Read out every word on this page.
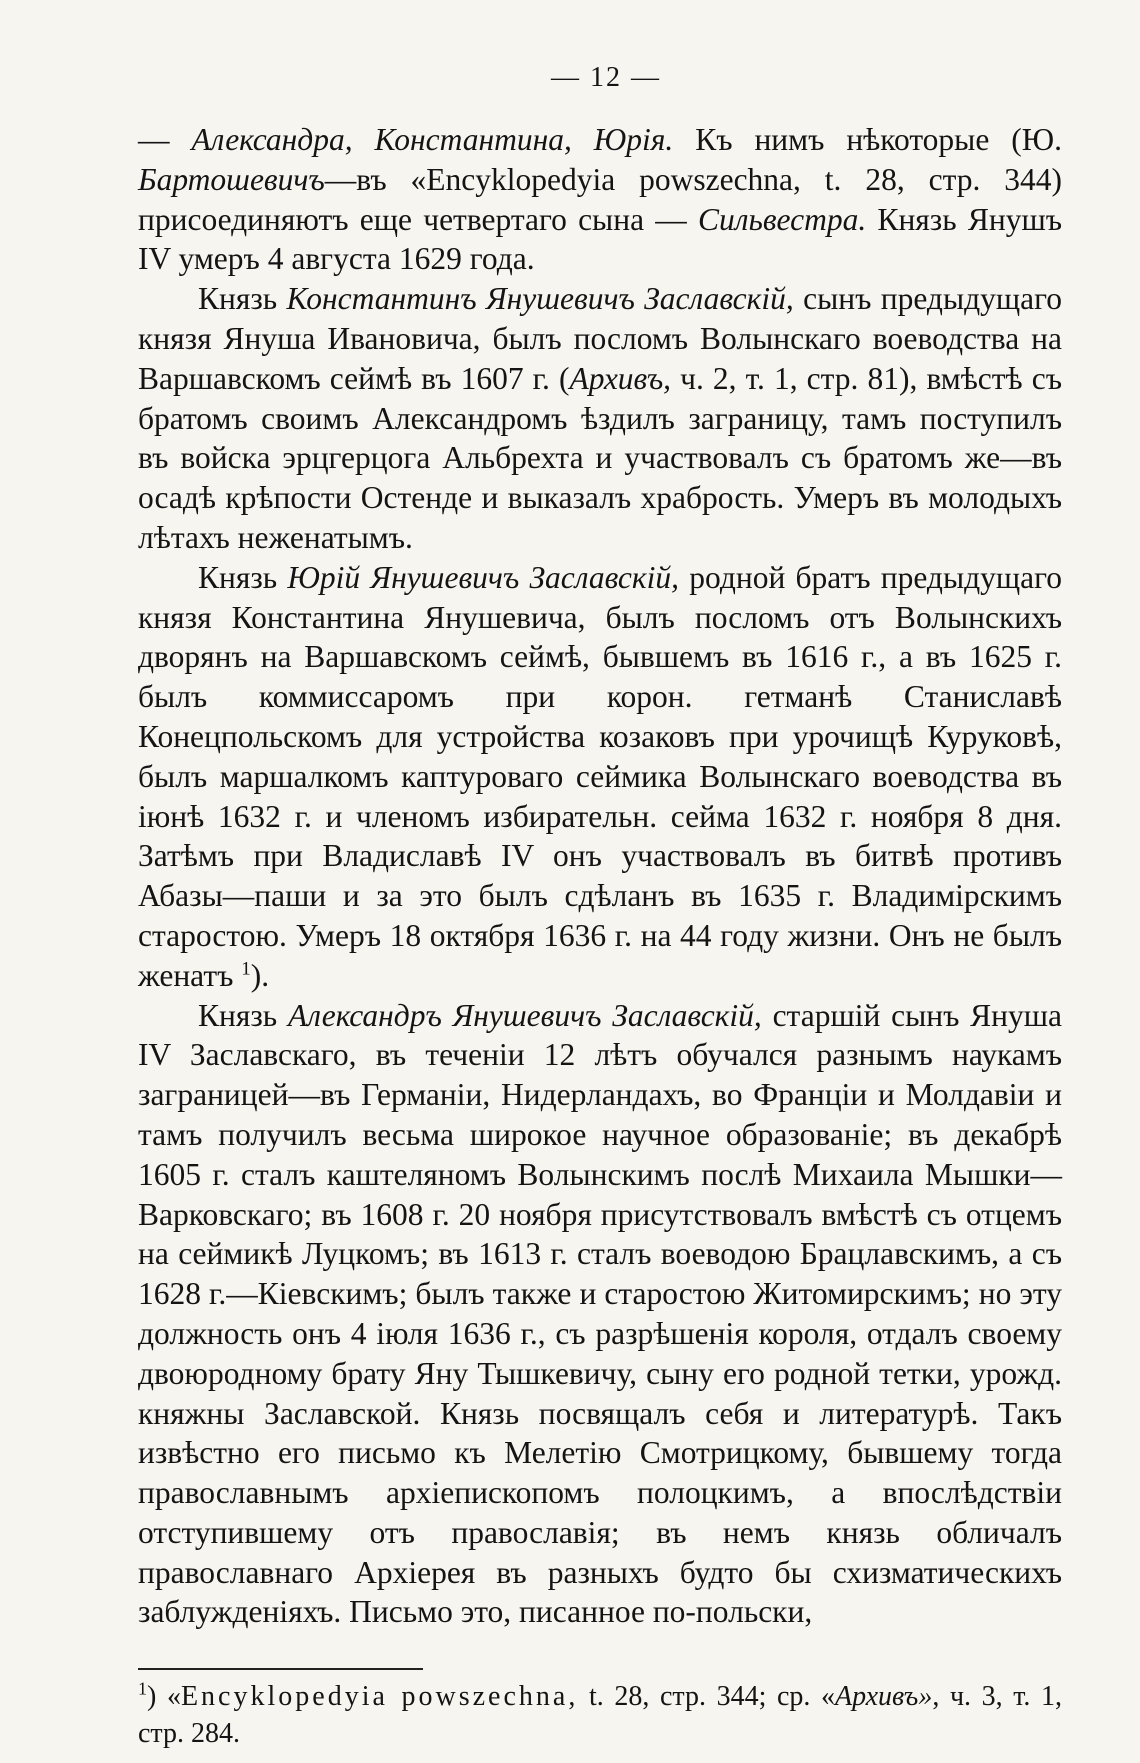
— 12 —

— Александра, Константина, Юрія. Къ нимъ нѣкоторые (Ю. Бартошевичъ—въ «Encyklopedyia powszechna, t. 28, стр. 344) присоединяютъ еще четвертаго сына — Сильвестра. Князь Янушъ IV умеръ 4 августа 1629 года.

Князь Константинъ Янушевичъ Заславскій, сынъ предыдущаго князя Януша Ивановича, былъ посломъ Волынскаго воеводства на Варшавскомъ сеймѣ въ 1607 г. (Архивъ, ч. 2, т. 1, стр. 81), вмѣстѣ съ братомъ своимъ Александромъ ѣздилъ заграницу, тамъ поступилъ въ войска эрцгерцога Альбрехта и участвовалъ съ братомъ же—въ осадѣ крѣпости Остенде и выказалъ храбрость. Умеръ въ молодыхъ лѣтахъ неженатымъ.

Князь Юрій Янушевичъ Заславскій, родной братъ предыдущаго князя Константина Янушевича, былъ посломъ отъ Волынскихъ дворянъ на Варшавскомъ сеймѣ, бывшемъ въ 1616 г., а въ 1625 г. былъ коммиссаромъ при корон. гетманѣ Станиславѣ Конецпольскомъ для устройства козаковъ при урочищѣ Куруковѣ, былъ маршалкомъ каптуроваго сеймика Волынскаго воеводства въ іюнѣ 1632 г. и членомъ избирательн. сейма 1632 г. ноября 8 дня. Затѣмъ при Владиславѣ IV онъ участвовалъ въ битвѣ противъ Абазы—паши и за это былъ сдѣланъ въ 1635 г. Владимірскимъ старостою. Умеръ 18 октября 1636 г. на 44 году жизни. Онъ не былъ женатъ $^1$).

Князь Александръ Янушевичъ Заславскій, старшій сынъ Януша IV Заславскаго, въ теченіи 12 лѣтъ обучался разнымъ наукамъ заграницей—въ Германіи, Нидерландахъ, во Франціи и Молдавіи и тамъ получилъ весьма широкое научное образованіе; въ декабрѣ 1605 г. сталъ каштеляномъ Волынскимъ послѣ Михаила Мышки—Варковскаго; въ 1608 г. 20 ноября присутствовалъ вмѣстѣ съ отцемъ на сеймикѣ Луцкомъ; въ 1613 г. сталъ воеводою Брацлавскимъ, а съ 1628 г.—Кіевскимъ; былъ также и старостою Житомирскимъ; но эту должность онъ 4 іюля 1636 г., съ разрѣшенія короля, отдалъ своему двоюродному брату Яну Тышкевичу, сыну его родной тетки, урожд. княжны Заславской. Князь посвящалъ себя и литературѣ. Такъ извѣстно его письмо къ Мелетію Смотрицкому, бывшему тогда православнымъ архіепископомъ полоцкимъ, а впослѣдствіи отступившему отъ православія; въ немъ князь обличалъ православнаго Архіерея въ разныхъ будто бы схизматическихъ заблужденіяхъ. Письмо это, писанное по-польски,

$^1$) «Encyklopedyia powszechna, t. 28, стр. 344; ср. «Архивъ», ч. 3, т. 1, стр. 284.
